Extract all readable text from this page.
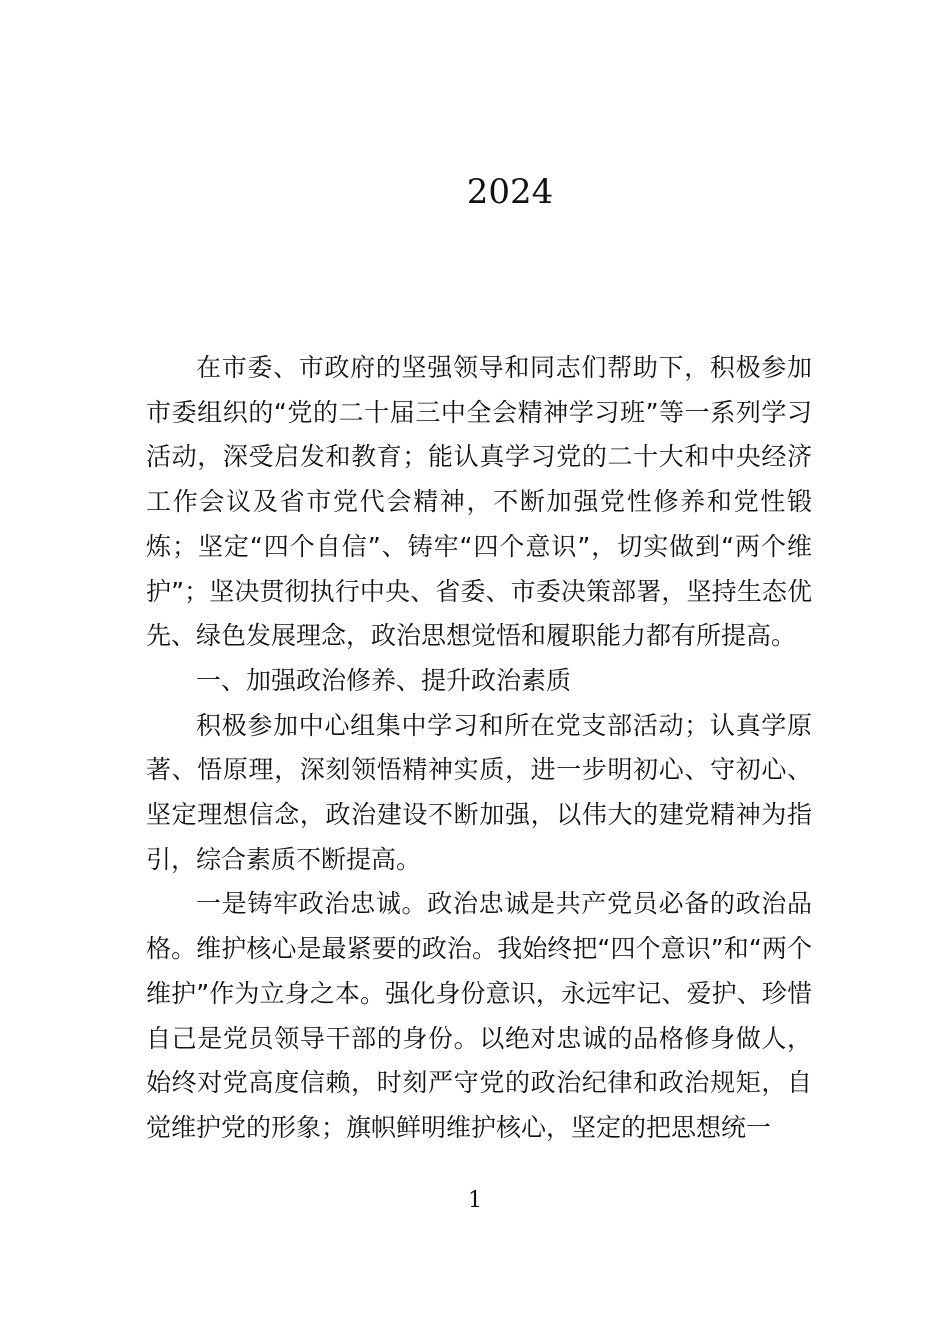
2024

在市委、市政府的坚强领导和同志们帮助下，积极参加市委组织的“党的二十届三中全会精神学习班”等一系列学习活动，深受启发和教育；能认真学习党的二十大和中央经济工作会议及省市党代会精神，不断加强党性修养和党性锻炼；坚定“四个自信”、铸牢“四个意识”，切实做到“两个维护”；坚决贯彻执行中央、省委、市委决策部署，坚持生态优先、绿色发展理念，政治思想觉悟和履职能力都有所提高。

一、加强政治修养、提升政治素质

积极参加中心组集中学习和所在党支部活动；认真学原著、悟原理，深刻领悟精神实质，进一步明初心、守初心、坚定理想信念，政治建设不断加强，以伟大的建党精神为指引，综合素质不断提高。

一是铸牢政治忠诚。政治忠诚是共产党员必备的政治品格。维护核心是最紧要的政治。我始终把“四个意识”和“两个维护”作为立身之本。强化身份意识，永远牢记、爱护、珍惜自己是党员领导干部的身份。以绝对忠诚的品格修身做人，始终对党高度信赖，时刻严守党的政治纪律和政治规矩，自觉维护党的形象；旗帜鲜明维护核心，坚定的把思想统一

1
